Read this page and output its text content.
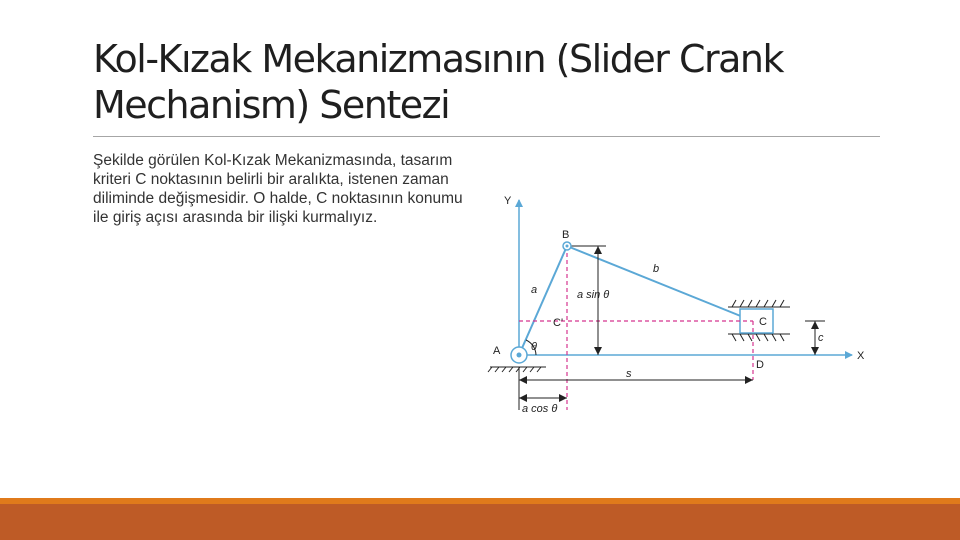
Kol-Kızak Mekanizmasının (Slider Crank Mechanism) Sentezi
Şekilde görülen Kol-Kızak Mekanizmasında, tasarım kriteri C noktasının belirli bir aralıkta, istenen zaman diliminde değişmesidir. O halde, C noktasının konumu ile giriş açısı arasında bir ilişki kurmalıyız.
Y
X
C
A
B
C'
D
a
b
a sin θ
c
s
a cos θ
θ
